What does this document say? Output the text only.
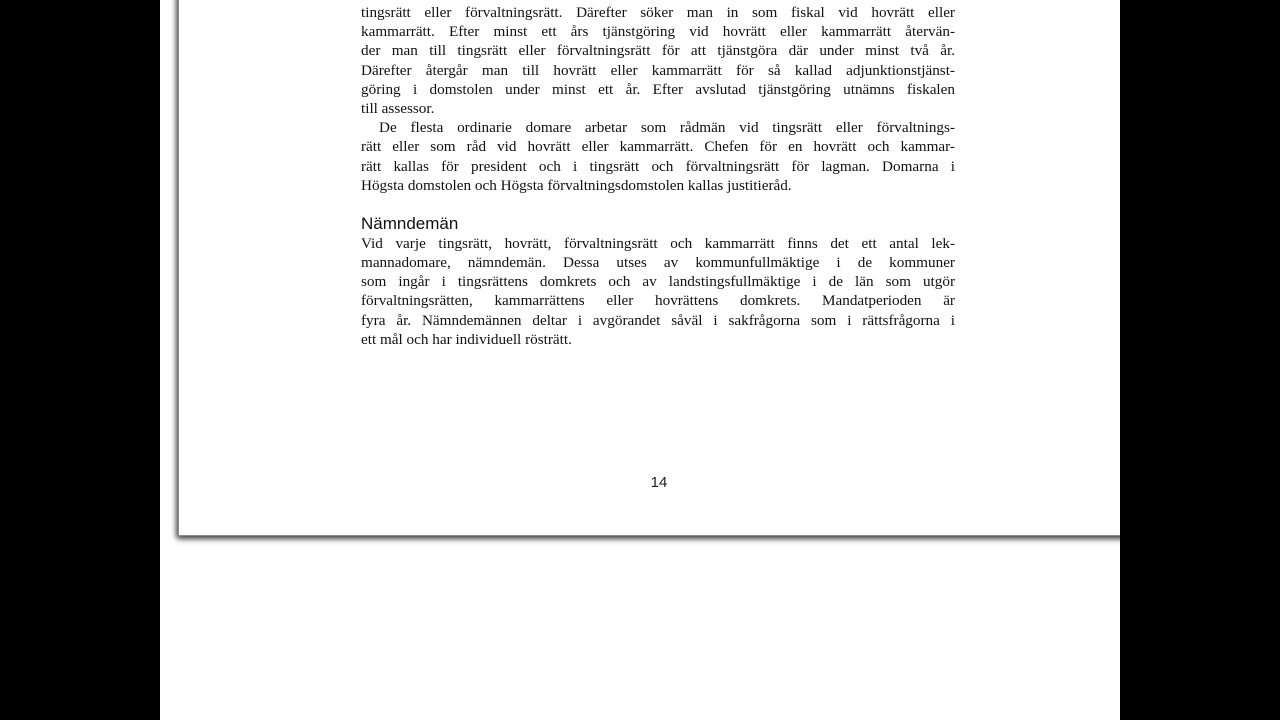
tingsrätt eller förvaltningsrätt. Därefter söker man in som fiskal vid hovrätt eller
kammarrätt. Efter minst ett års tjänstgöring vid hovrätt eller kammarrätt återvän-
der man till tingsrätt eller förvaltningsrätt för att tjänstgöra där under minst två år.
Därefter återgår man till hovrätt eller kammarrätt för så kallad adjunktionstjänst-
göring i domstolen under minst ett år. Efter avslutad tjänstgöring utnämns fiskalen
till assessor.
De flesta ordinarie domare arbetar som rådmän vid tingsrätt eller förvaltnings-
rätt eller som råd vid hovrätt eller kammarrätt. Chefen för en hovrätt och kammar-
rätt kallas för president och i tingsrätt och förvaltningsrätt för lagman. Domarna i
Högsta domstolen och Högsta förvaltningsdomstolen kallas justitieråd.
Nämndemän
Vid varje tingsrätt, hovrätt, förvaltningsrätt och kammarrätt finns det ett antal lek-
mannadomare, nämndemän. Dessa utses av kommunfullmäktige i de kommuner
som ingår i tingsrättens domkrets och av landstingsfullmäktige i de län som utgör
förvaltningsrätten, kammarrättens eller hovrättens domkrets. Mandatperioden är
fyra år. Nämndemännen deltar i avgörandet såväl i sakfrågorna som i rättsfrågorna i
ett mål och har individuell rösträtt.
14
